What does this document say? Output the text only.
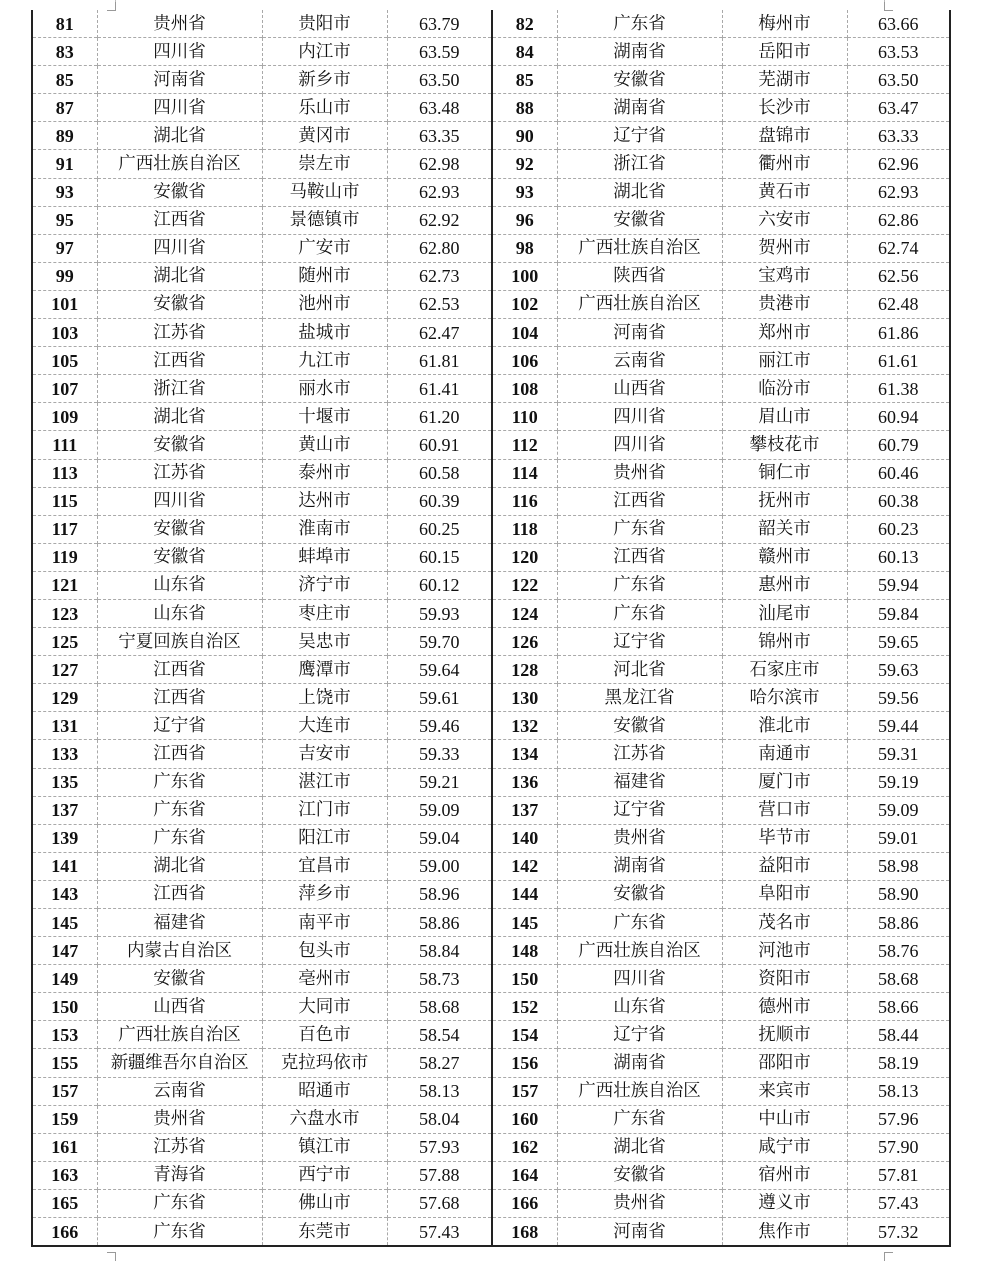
81	贵州省	贵阳市	63.79	82	广东省	梅州市	63.66
83	四川省	内江市	63.59	84	湖南省	岳阳市	63.53
85	河南省	新乡市	63.50	85	安徽省	芜湖市	63.50
87	四川省	乐山市	63.48	88	湖南省	长沙市	63.47
89	湖北省	黄冈市	63.35	90	辽宁省	盘锦市	63.33
91	广西壮族自治区	崇左市	62.98	92	浙江省	衢州市	62.96
93	安徽省	马鞍山市	62.93	93	湖北省	黄石市	62.93
95	江西省	景德镇市	62.92	96	安徽省	六安市	62.86
97	四川省	广安市	62.80	98	广西壮族自治区	贺州市	62.74
99	湖北省	随州市	62.73	100	陕西省	宝鸡市	62.56
101	安徽省	池州市	62.53	102	广西壮族自治区	贵港市	62.48
103	江苏省	盐城市	62.47	104	河南省	郑州市	61.86
105	江西省	九江市	61.81	106	云南省	丽江市	61.61
107	浙江省	丽水市	61.41	108	山西省	临汾市	61.38
109	湖北省	十堰市	61.20	110	四川省	眉山市	60.94
111	安徽省	黄山市	60.91	112	四川省	攀枝花市	60.79
113	江苏省	泰州市	60.58	114	贵州省	铜仁市	60.46
115	四川省	达州市	60.39	116	江西省	抚州市	60.38
117	安徽省	淮南市	60.25	118	广东省	韶关市	60.23
119	安徽省	蚌埠市	60.15	120	江西省	赣州市	60.13
121	山东省	济宁市	60.12	122	广东省	惠州市	59.94
123	山东省	枣庄市	59.93	124	广东省	汕尾市	59.84
125	宁夏回族自治区	吴忠市	59.70	126	辽宁省	锦州市	59.65
127	江西省	鹰潭市	59.64	128	河北省	石家庄市	59.63
129	江西省	上饶市	59.61	130	黑龙江省	哈尔滨市	59.56
131	辽宁省	大连市	59.46	132	安徽省	淮北市	59.44
133	江西省	吉安市	59.33	134	江苏省	南通市	59.31
135	广东省	湛江市	59.21	136	福建省	厦门市	59.19
137	广东省	江门市	59.09	137	辽宁省	营口市	59.09
139	广东省	阳江市	59.04	140	贵州省	毕节市	59.01
141	湖北省	宜昌市	59.00	142	湖南省	益阳市	58.98
143	江西省	萍乡市	58.96	144	安徽省	阜阳市	58.90
145	福建省	南平市	58.86	145	广东省	茂名市	58.86
147	内蒙古自治区	包头市	58.84	148	广西壮族自治区	河池市	58.76
149	安徽省	亳州市	58.73	150	四川省	资阳市	58.68
150	山西省	大同市	58.68	152	山东省	德州市	58.66
153	广西壮族自治区	百色市	58.54	154	辽宁省	抚顺市	58.44
155	新疆维吾尔自治区	克拉玛依市	58.27	156	湖南省	邵阳市	58.19
157	云南省	昭通市	58.13	157	广西壮族自治区	来宾市	58.13
159	贵州省	六盘水市	58.04	160	广东省	中山市	57.96
161	江苏省	镇江市	57.93	162	湖北省	咸宁市	57.90
163	青海省	西宁市	57.88	164	安徽省	宿州市	57.81
165	广东省	佛山市	57.68	166	贵州省	遵义市	57.43
166	广东省	东莞市	57.43	168	河南省	焦作市	57.32
